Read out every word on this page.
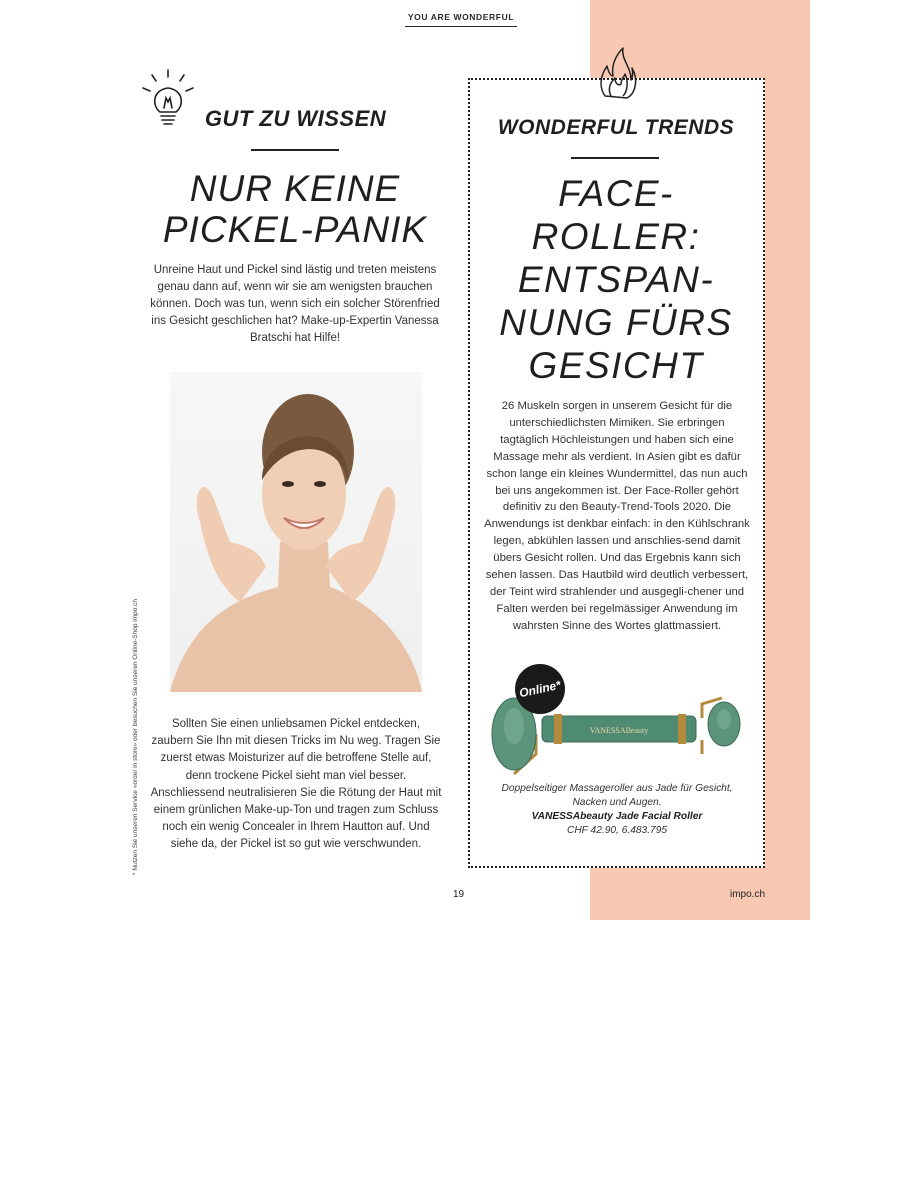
YOU ARE WONDERFUL
* Nutzen Sie unseren Service «order in store» oder besuchen Sie unseren Online-Shop impo.ch
GUT ZU WISSEN
NUR KEINE
PICKEL-PANIK
Unreine Haut und Pickel sind lästig und treten meistens genau dann auf, wenn wir sie am wenigsten brauchen können. Doch was tun, wenn sich ein solcher Störenfried ins Gesicht geschlichen hat? Make-up-Expertin Vanessa Bratschi hat Hilfe!
Sollten Sie einen unliebsamen Pickel entdecken, zaubern Sie Ihn mit diesen Tricks im Nu weg. Tragen Sie zuerst etwas Moisturizer auf die betroffene Stelle auf, denn trockene Pickel sieht man viel besser. Anschliessend neutralisieren Sie die Rötung der Haut mit einem grünlichen Make-up-Ton und tragen zum Schluss noch ein wenig Concealer in Ihrem Hautton auf. Und siehe da, der Pickel ist so gut wie verschwunden.
WONDERFUL TRENDS
FACE-
ROLLER:
ENTSPAN-
NUNG FÜRS
GESICHT
26 Muskeln sorgen in unserem Gesicht für die unterschiedlichsten Mimiken. Sie erbringen tagtäglich Höchleistungen und haben sich eine Massage mehr als verdient. In Asien gibt es dafür schon lange ein kleines Wundermittel, das nun auch bei uns angekommen ist. Der Face-Roller gehört definitiv zu den Beauty-Trend-Tools 2020. Die Anwendungs ist denkbar einfach: in den Kühlschrank legen, abkühlen lassen und anschlies-send damit übers Gesicht rollen. Und das Ergebnis kann sich sehen lassen. Das Hautbild wird deutlich verbessert, der Teint wird strahlender und ausgegli-chener und Falten werden bei regelmässiger Anwendung im wahrsten Sinne des Wortes glattmassiert.
VANESSABeauty
Online*
Doppelseitiger Massageroller aus Jade für Gesicht, Nacken und Augen.
VANESSAbeauty Jade Facial Roller
CHF 42.90, 6.483.795
19	impo.ch
